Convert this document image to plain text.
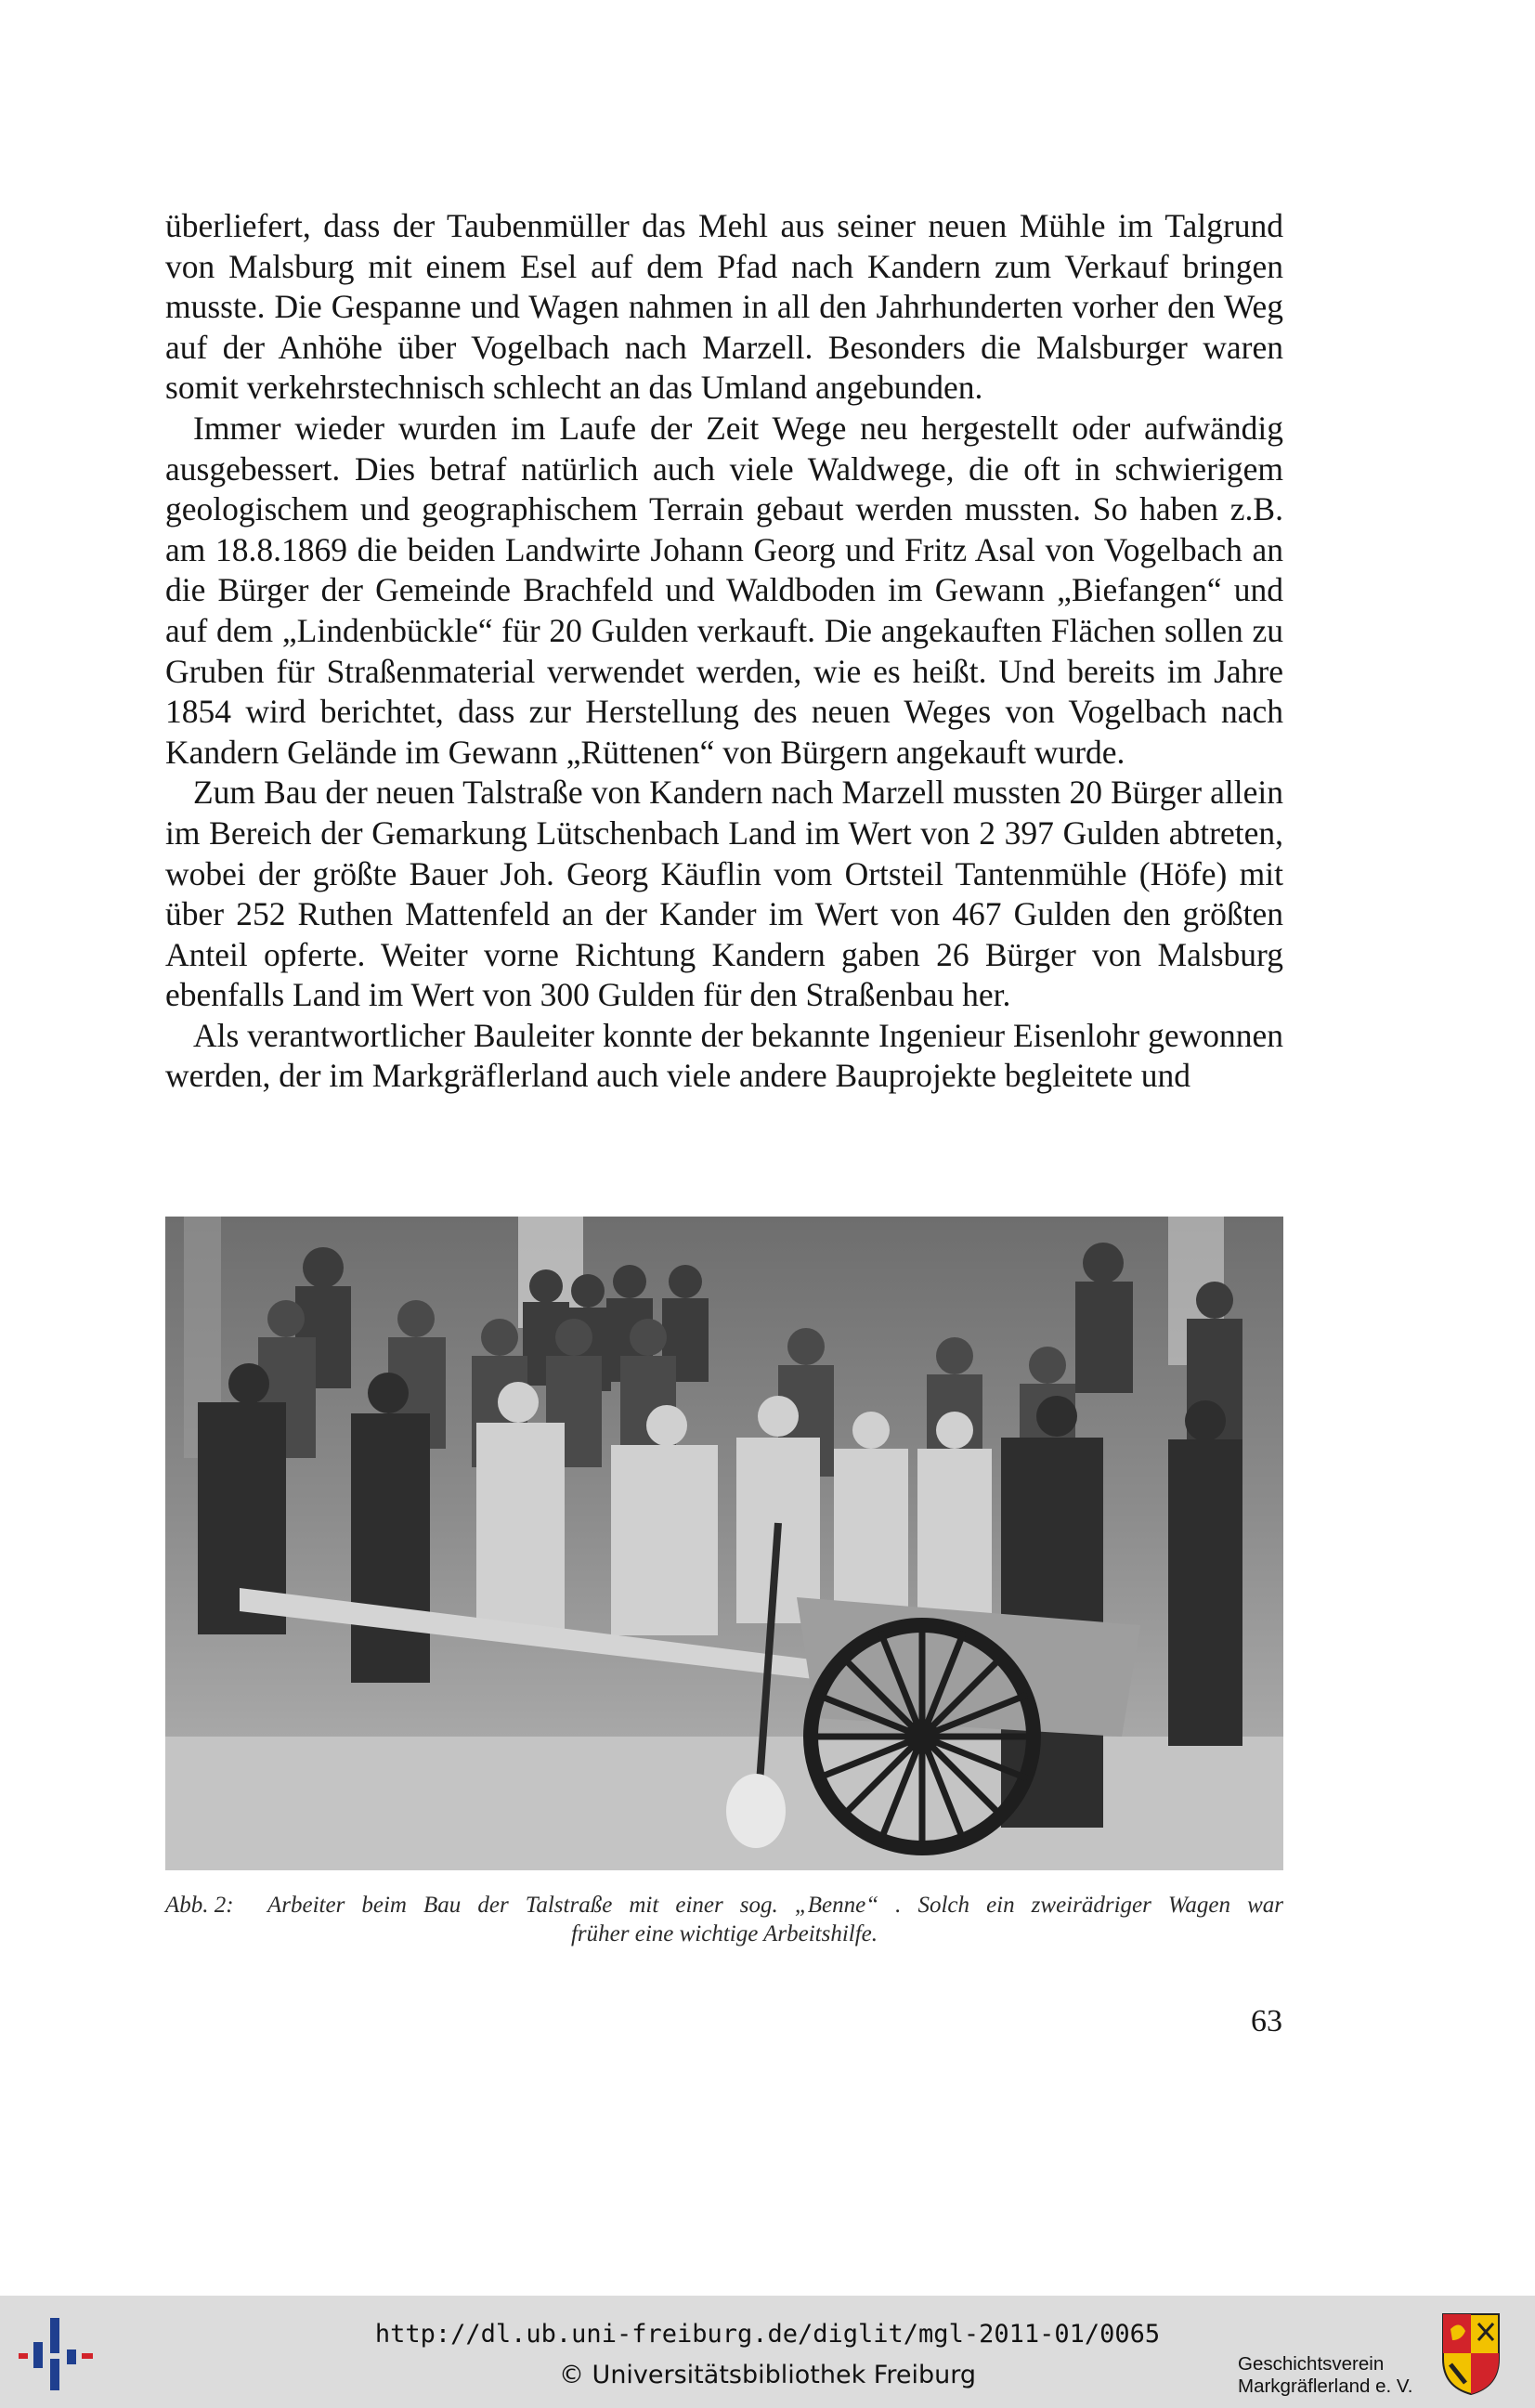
überliefert, dass der Taubenmüller das Mehl aus seiner neuen Mühle im Talgrund von Malsburg mit einem Esel auf dem Pfad nach Kandern zum Verkauf bringen musste. Die Gespanne und Wagen nahmen in all den Jahrhunderten vorher den Weg auf der Anhöhe über Vogelbach nach Marzell. Besonders die Malsburger waren somit verkehrstechnisch schlecht an das Umland angebunden.

Immer wieder wurden im Laufe der Zeit Wege neu hergestellt oder aufwändig ausgebessert. Dies betraf natürlich auch viele Waldwege, die oft in schwierigem geologischem und geographischem Terrain gebaut werden mussten. So haben z.B. am 18.8.1869 die beiden Landwirte Johann Georg und Fritz Asal von Vogelbach an die Bürger der Gemeinde Brachfeld und Waldboden im Gewann „Biefangen“ und auf dem „Lindenbückle“ für 20 Gulden verkauft. Die angekauften Flächen sollen zu Gruben für Straßenmaterial verwendet werden, wie es heißt. Und bereits im Jahre 1854 wird berichtet, dass zur Herstellung des neuen Weges von Vogelbach nach Kandern Gelände im Gewann „Rüttenen“ von Bürgern angekauft wurde.

Zum Bau der neuen Talstraße von Kandern nach Marzell mussten 20 Bürger allein im Bereich der Gemarkung Lütschenbach Land im Wert von 2 397 Gulden abtreten, wobei der größte Bauer Joh. Georg Käuflin vom Ortsteil Tantenmühle (Höfe) mit über 252 Ruthen Mattenfeld an der Kander im Wert von 467 Gulden den größten Anteil opferte. Weiter vorne Richtung Kandern gaben 26 Bürger von Malsburg ebenfalls Land im Wert von 300 Gulden für den Straßenbau her.

Als verantwortlicher Bauleiter konnte der bekannte Ingenieur Eisenlohr gewonnen werden, der im Markgräflerland auch viele andere Bauprojekte begleitete und

Abb. 2:	Arbeiter beim Bau der Talstraße mit einer sog. „Benne“ . Solch ein zweirädriger Wagen war
früher eine wichtige Arbeitshilfe.
63
http://dl.ub.uni-freiburg.de/diglit/mgl-2011-01/0065
© Universitätsbibliothek Freiburg	Geschichtsverein
Markgräflerland e. V.
